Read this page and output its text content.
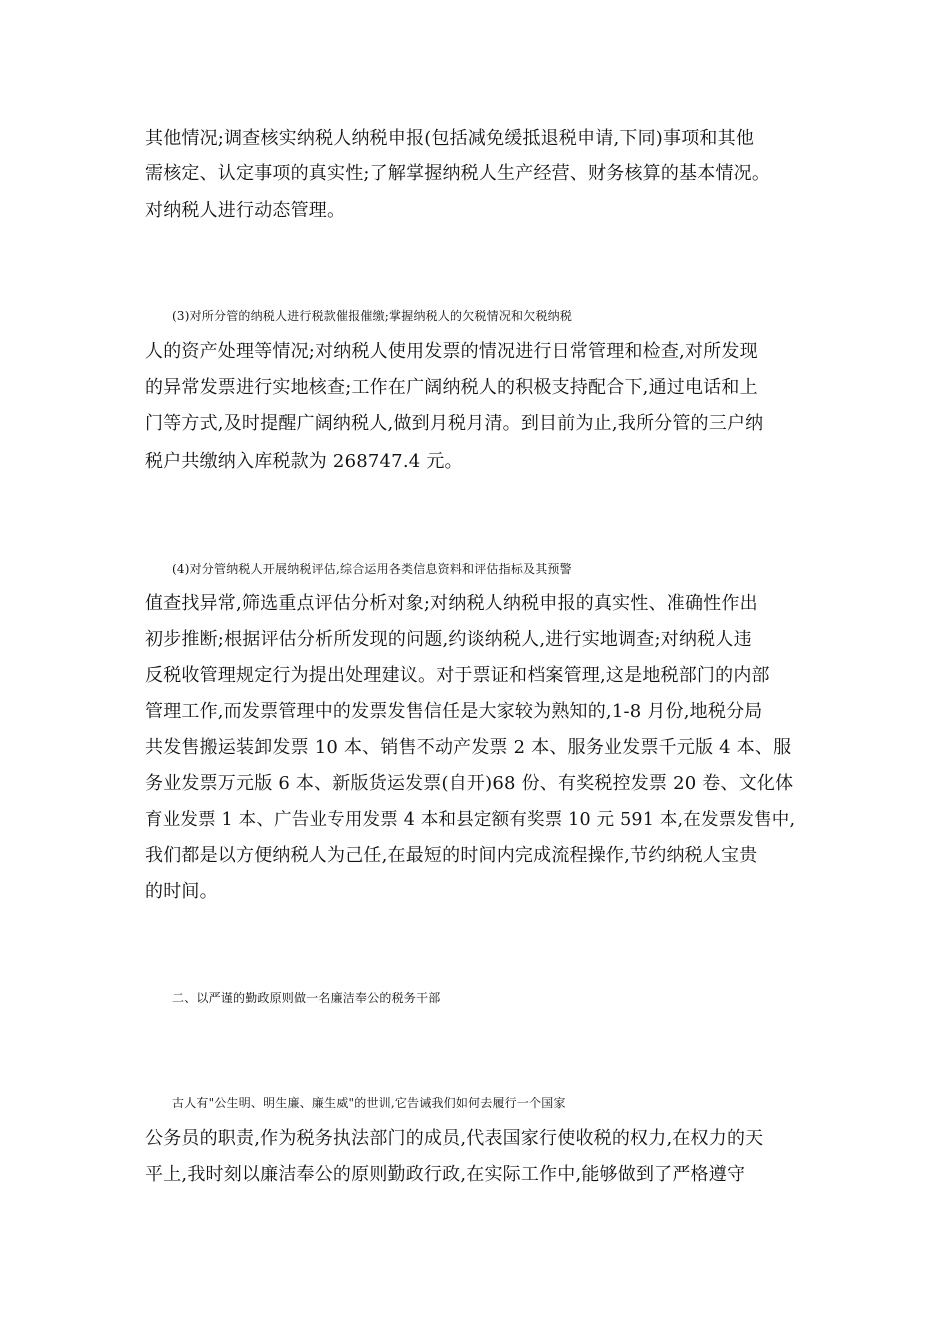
其他情况;调查核实纳税人纳税申报(包括减免缓抵退税申请,下同)事项和其他
需核定、认定事项的真实性;了解掌握纳税人生产经营、财务核算的基本情况。
对纳税人进行动态管理。
(3)对所分管的纳税人进行税款催报催缴;掌握纳税人的欠税情况和欠税纳税
人的资产处理等情况;对纳税人使用发票的情况进行日常管理和检查,对所发现
的异常发票进行实地核查;工作在广阔纳税人的积极支持配合下,通过电话和上
门等方式,及时提醒广阔纳税人,做到月税月清。到目前为止,我所分管的三户纳
税户共缴纳入库税款为 268747.4 元。
(4)对分管纳税人开展纳税评估,综合运用各类信息资料和评估指标及其预警
值查找异常,筛选重点评估分析对象;对纳税人纳税申报的真实性、准确性作出
初步推断;根据评估分析所发现的问题,约谈纳税人,进行实地调查;对纳税人违
反税收管理规定行为提出处理建议。对于票证和档案管理,这是地税部门的内部
管理工作,而发票管理中的发票发售信任是大家较为熟知的,1-8 月份,地税分局
共发售搬运装卸发票 10 本、销售不动产发票 2 本、服务业发票千元版 4 本、服
务业发票万元版 6 本、新版货运发票(自开)68 份、有奖税控发票 20 卷、文化体
育业发票 1 本、广告业专用发票 4 本和县定额有奖票 10 元 591 本,在发票发售中,
我们都是以方便纳税人为己任,在最短的时间内完成流程操作,节约纳税人宝贵
的时间。
二、以严谨的勤政原则做一名廉洁奉公的税务干部
古人有"公生明、明生廉、廉生威"的世训,它告诫我们如何去履行一个国家
公务员的职责,作为税务执法部门的成员,代表国家行使收税的权力,在权力的天
平上,我时刻以廉洁奉公的原则勤政行政,在实际工作中,能够做到了严格遵守
